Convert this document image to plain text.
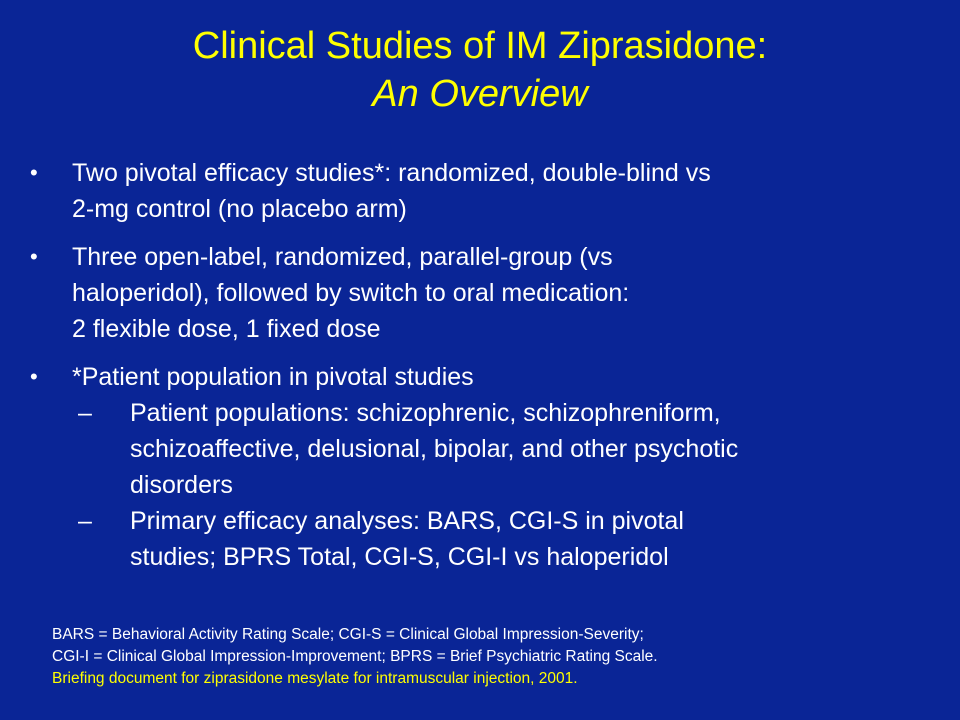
Clinical Studies of IM Ziprasidone:
An Overview
• Two pivotal efficacy studies*: randomized, double-blind vs
2-mg control (no placebo arm)
• Three open-label, randomized, parallel-group (vs
haloperidol), followed by switch to oral medication:
2 flexible dose, 1 fixed dose
• *Patient population in pivotal studies
– Patient populations: schizophrenic, schizophreniform,
schizoaffective, delusional, bipolar, and other psychotic
disorders
– Primary efficacy analyses: BARS, CGI-S in pivotal
studies; BPRS Total, CGI-S, CGI-I vs haloperidol
BARS = Behavioral Activity Rating Scale; CGI-S = Clinical Global Impression-Severity;
CGI-I = Clinical Global Impression-Improvement; BPRS = Brief Psychiatric Rating Scale.
Briefing document for ziprasidone mesylate for intramuscular injection, 2001.
